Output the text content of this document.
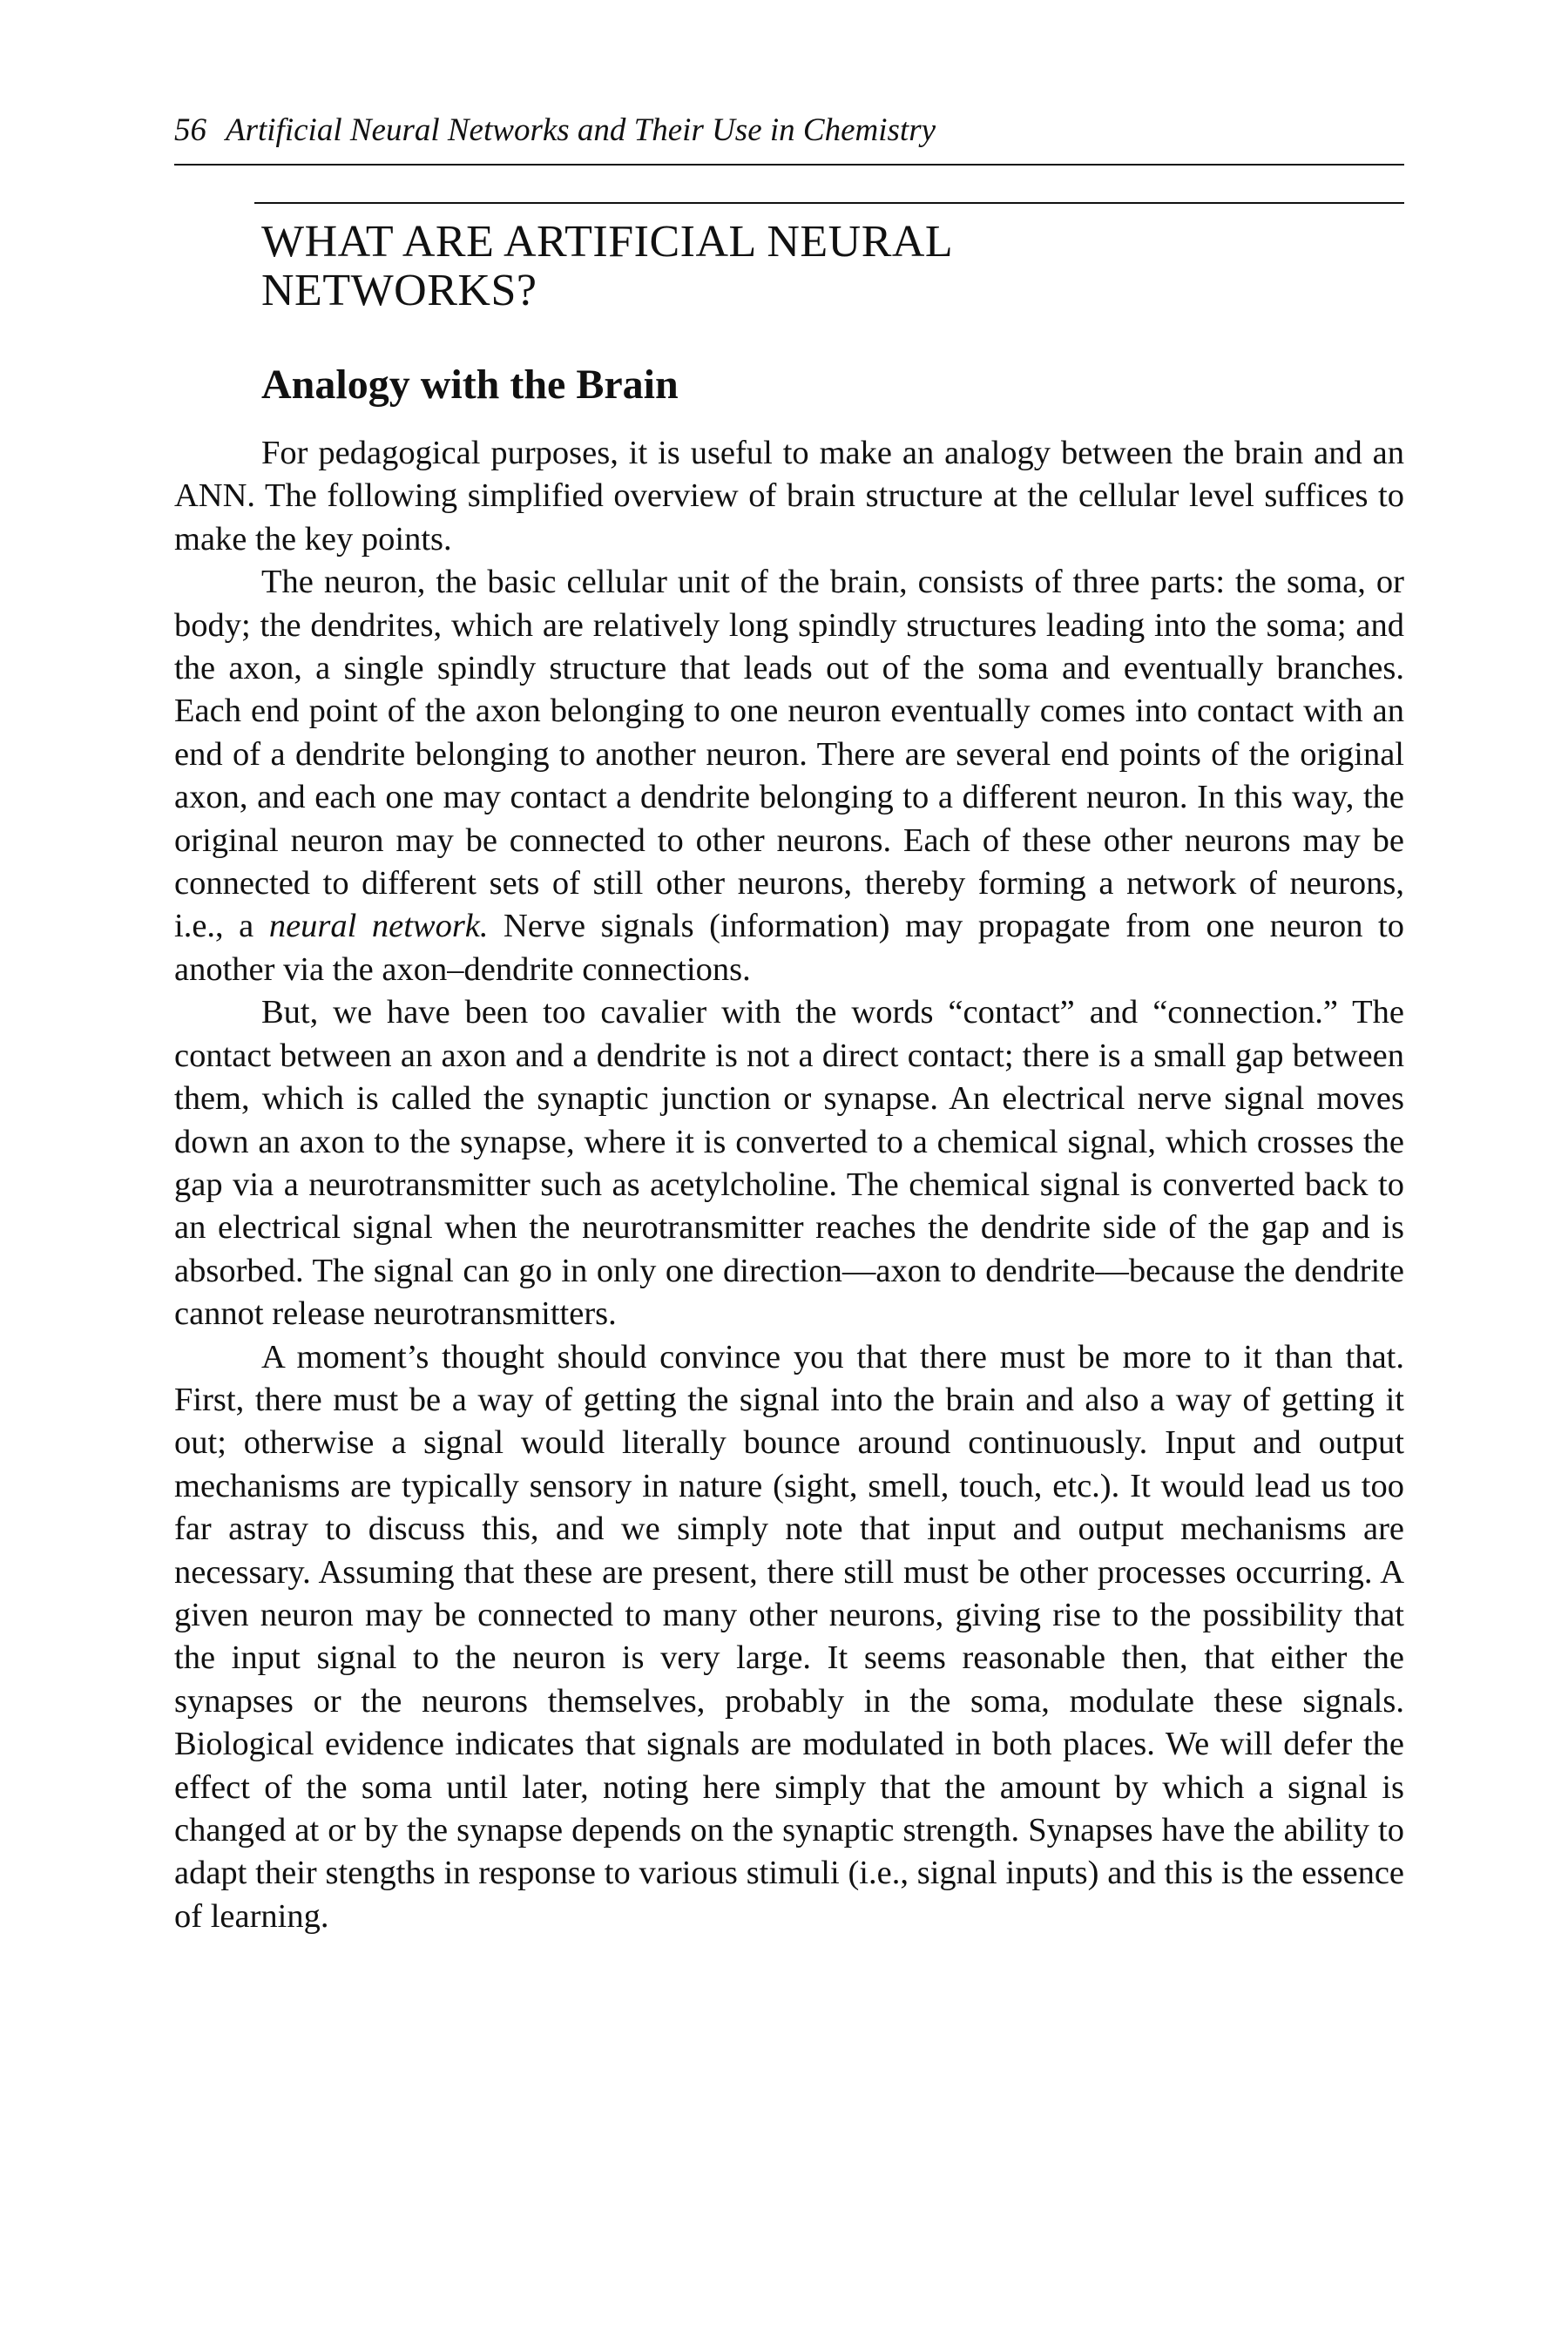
56 Artificial Neural Networks and Their Use in Chemistry
WHAT ARE ARTIFICIAL NEURAL
NETWORKS?
Analogy with the Brain

For pedagogical purposes, it is useful to make an analogy between the brain and an ANN. The following simplified overview of brain structure at the cellular level suffices to make the key points.

The neuron, the basic cellular unit of the brain, consists of three parts: the soma, or body; the dendrites, which are relatively long spindly structures leading into the soma; and the axon, a single spindly structure that leads out of the soma and eventually branches. Each end point of the axon belonging to one neuron eventually comes into contact with an end of a dendrite belonging to another neuron. There are several end points of the original axon, and each one may contact a dendrite belonging to a different neuron. In this way, the original neuron may be connected to other neurons. Each of these other neurons may be connected to different sets of still other neurons, thereby forming a network of neurons, i.e., a neural network. Nerve signals (information) may propagate from one neuron to another via the axon–dendrite connections.

But, we have been too cavalier with the words “contact” and “connection.” The contact between an axon and a dendrite is not a direct contact; there is a small gap between them, which is called the synaptic junction or synapse. An electrical nerve signal moves down an axon to the synapse, where it is converted to a chemical signal, which crosses the gap via a neurotransmitter such as acetylcholine. The chemical signal is converted back to an electrical signal when the neurotransmitter reaches the dendrite side of the gap and is absorbed. The signal can go in only one direction—axon to dendrite—because the dendrite cannot release neurotransmitters.

A moment’s thought should convince you that there must be more to it than that. First, there must be a way of getting the signal into the brain and also a way of getting it out; otherwise a signal would literally bounce around continuously. Input and output mechanisms are typically sensory in nature (sight, smell, touch, etc.). It would lead us too far astray to discuss this, and we simply note that input and output mechanisms are necessary. Assuming that these are present, there still must be other processes occurring. A given neuron may be connected to many other neurons, giving rise to the possibility that the input signal to the neuron is very large. It seems reasonable then, that either the synapses or the neurons themselves, probably in the soma, modulate these signals. Biological evidence indicates that signals are modulated in both places. We will defer the effect of the soma until later, noting here simply that the amount by which a signal is changed at or by the synapse depends on the synaptic strength. Synapses have the ability to adapt their stengths in response to various stimuli (i.e., signal inputs) and this is the essence of learning.
